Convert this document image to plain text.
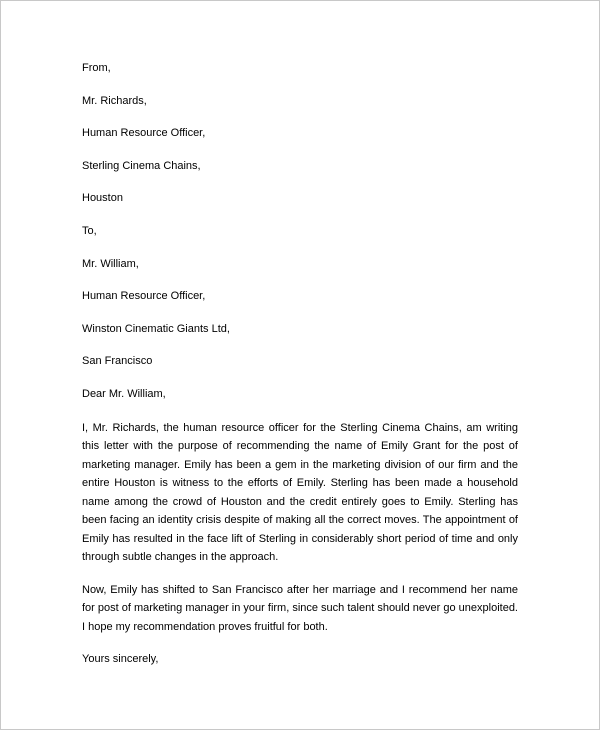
From,
Mr. Richards,
Human Resource Officer,
Sterling Cinema Chains,
Houston
To,
Mr. William,
Human Resource Officer,
Winston Cinematic Giants Ltd,
San Francisco
Dear Mr. William,

I, Mr. Richards, the human resource officer for the Sterling Cinema Chains, am writing this letter with the purpose of recommending the name of Emily Grant for the post of marketing manager. Emily has been a gem in the marketing division of our firm and the entire Houston is witness to the efforts of Emily. Sterling has been made a household name among the crowd of Houston and the credit entirely goes to Emily. Sterling has been facing an identity crisis despite of making all the correct moves. The appointment of Emily has resulted in the face lift of Sterling in considerably short period of time and only through subtle changes in the approach.

Now, Emily has shifted to San Francisco after her marriage and I recommend her name for post of marketing manager in your firm, since such talent should never go unexploited. I hope my recommendation proves fruitful for both.

Yours sincerely,
